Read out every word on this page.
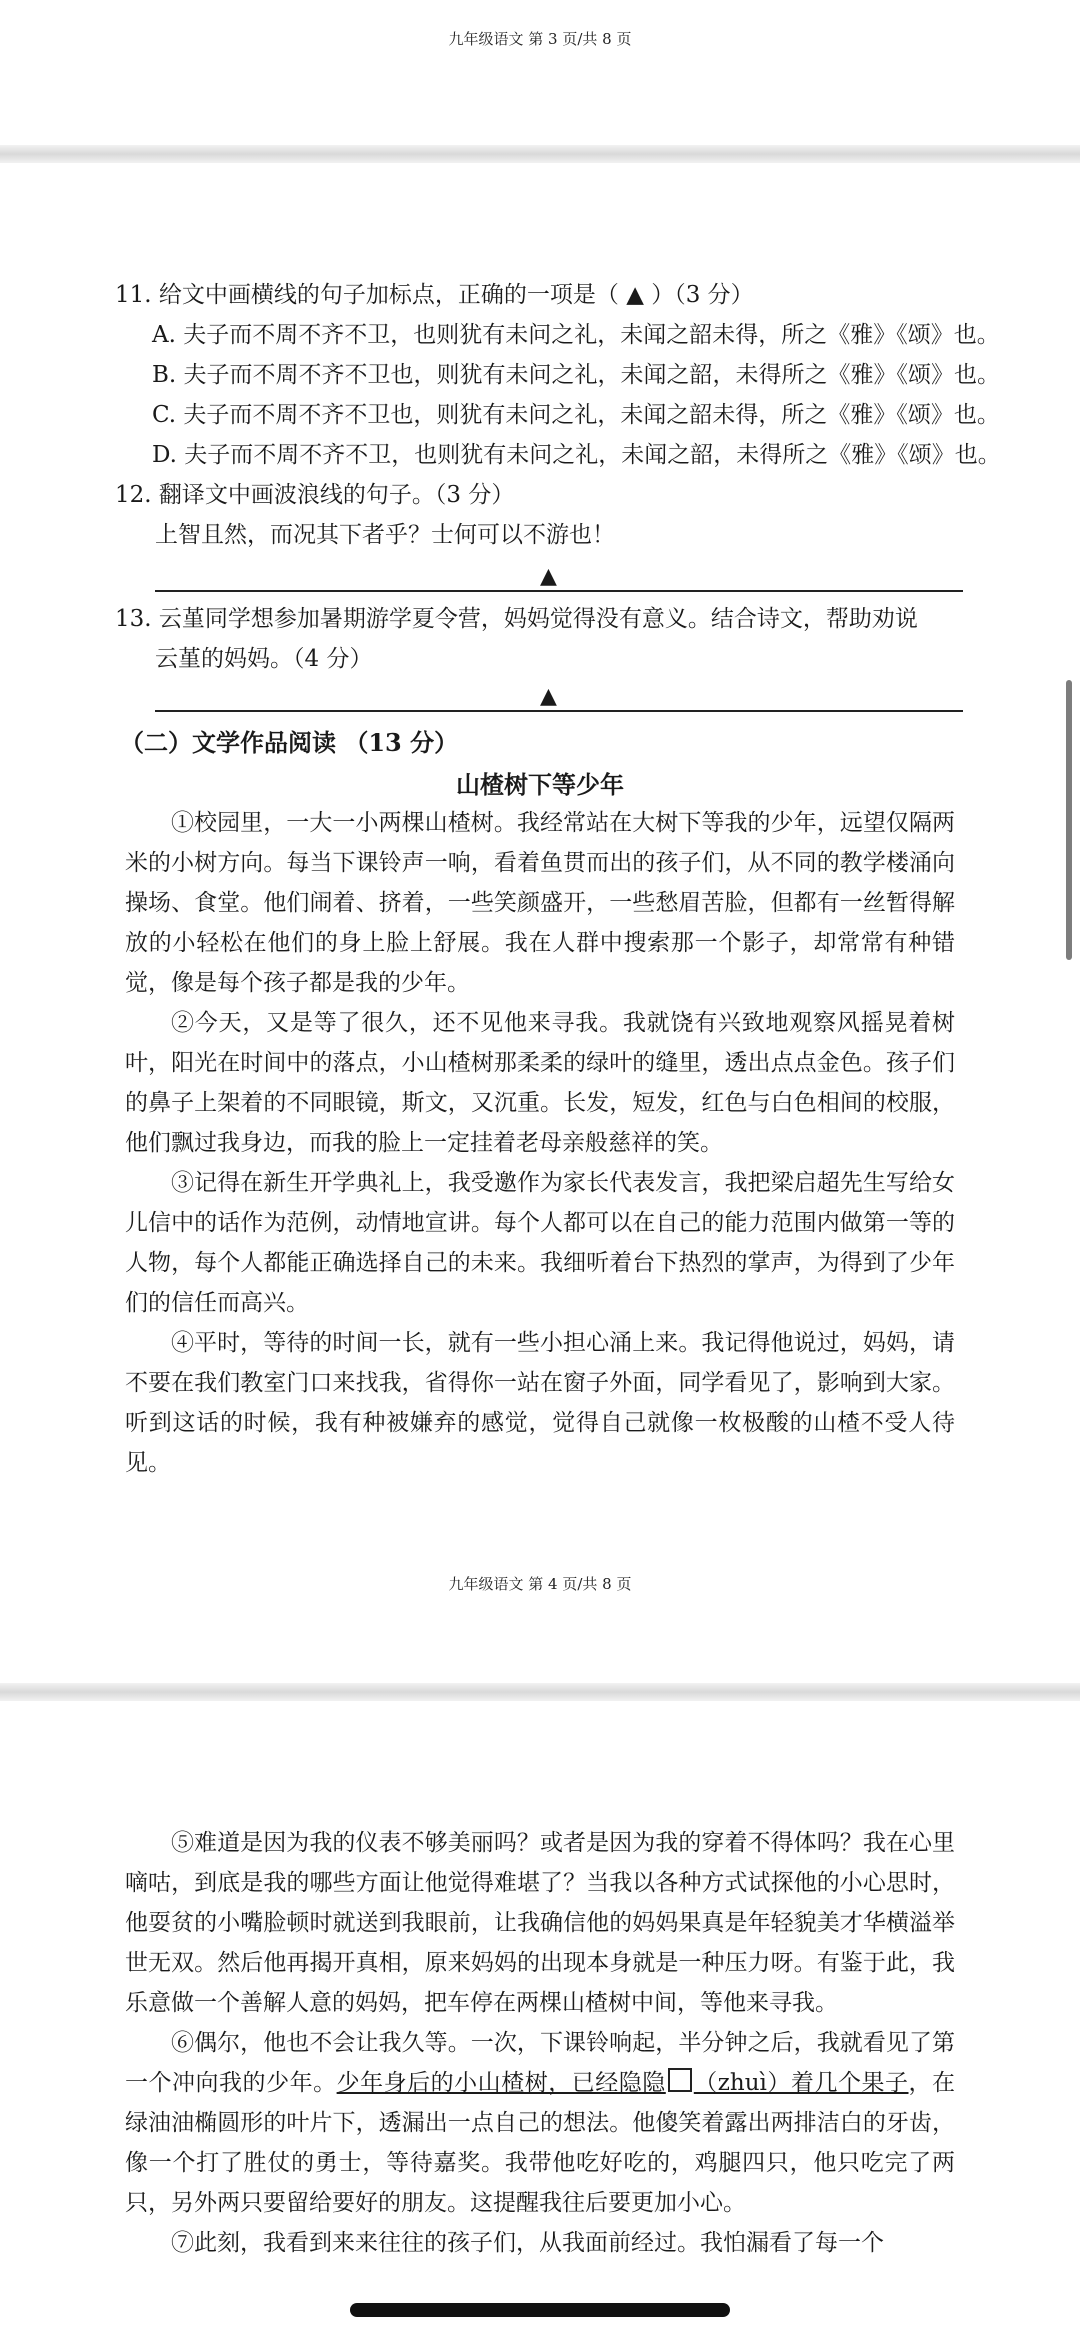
九年级语文 第 3 页/共 8 页
11. 给文中画横线的句子加标点，正确的一项是（ ▲ ）（3 分）
A. 夫子而不周不齐不卫，也则犹有未问之礼，未闻之韶未得，所之《雅》《颂》也。
B. 夫子而不周不齐不卫也，则犹有未问之礼，未闻之韶，未得所之《雅》《颂》也。
C. 夫子而不周不齐不卫也，则犹有未问之礼，未闻之韶未得，所之《雅》《颂》也。
D. 夫子而不周不齐不卫，也则犹有未问之礼，未闻之韶，未得所之《雅》《颂》也。
12. 翻译文中画波浪线的句子。（3 分）
上智且然，而况其下者乎？士何可以不游也！
▲
13. 云堇同学想参加暑期游学夏令营，妈妈觉得没有意义。结合诗文，帮助劝说
云堇的妈妈。（4 分）
▲
（二）文学作品阅读 （13 分）
山楂树下等少年

①校园里，一大一小两棵山楂树。我经常站在大树下等我的少年，远望仅隔两米的小树方向。每当下课铃声一响，看着鱼贯而出的孩子们，从不同的教学楼涌向操场、食堂。他们闹着、挤着，一些笑颜盛开，一些愁眉苦脸，但都有一丝暂得解放的小轻松在他们的身上脸上舒展。我在人群中搜索那一个影子，却常常有种错觉，像是每个孩子都是我的少年。

②今天，又是等了很久，还不见他来寻我。我就饶有兴致地观察风摇晃着树叶，阳光在时间中的落点，小山楂树那柔柔的绿叶的缝里，透出点点金色。孩子们的鼻子上架着的不同眼镜，斯文，又沉重。长发，短发，红色与白色相间的校服，他们飘过我身边，而我的脸上一定挂着老母亲般慈祥的笑。

③记得在新生开学典礼上，我受邀作为家长代表发言，我把梁启超先生写给女儿信中的话作为范例，动情地宣讲。每个人都可以在自己的能力范围内做第一等的人物，每个人都能正确选择自己的未来。我细听着台下热烈的掌声，为得到了少年们的信任而高兴。

④平时，等待的时间一长，就有一些小担心涌上来。我记得他说过，妈妈，请不要在我们教室门口来找我，省得你一站在窗子外面，同学看见了，影响到大家。听到这话的时候，我有种被嫌弃的感觉，觉得自己就像一枚极酸的山楂不受人待见。

九年级语文 第 4 页/共 8 页

⑤难道是因为我的仪表不够美丽吗？或者是因为我的穿着不得体吗？我在心里嘀咕，到底是我的哪些方面让他觉得难堪了？当我以各种方式试探他的小心思时，他耍贫的小嘴脸顿时就送到我眼前，让我确信他的妈妈果真是年轻貌美才华横溢举世无双。然后他再揭开真相，原来妈妈的出现本身就是一种压力呀。有鉴于此，我乐意做一个善解人意的妈妈，把车停在两棵山楂树中间，等他来寻我。

⑥偶尔，他也不会让我久等。一次，下课铃响起，半分钟之后，我就看见了第一个冲向我的少年。少年身后的小山楂树，已经隐隐 （zhuì）着几个果子，在绿油油椭圆形的叶片下，透漏出一点自己的想法。他傻笑着露出两排洁白的牙齿，像一个打了胜仗的勇士，等待嘉奖。我带他吃好吃的，鸡腿四只，他只吃完了两只，另外两只要留给要好的朋友。这提醒我往后要更加小心。

⑦此刻，我看到来来往往的孩子们，从我面前经过。我怕漏看了每一个
